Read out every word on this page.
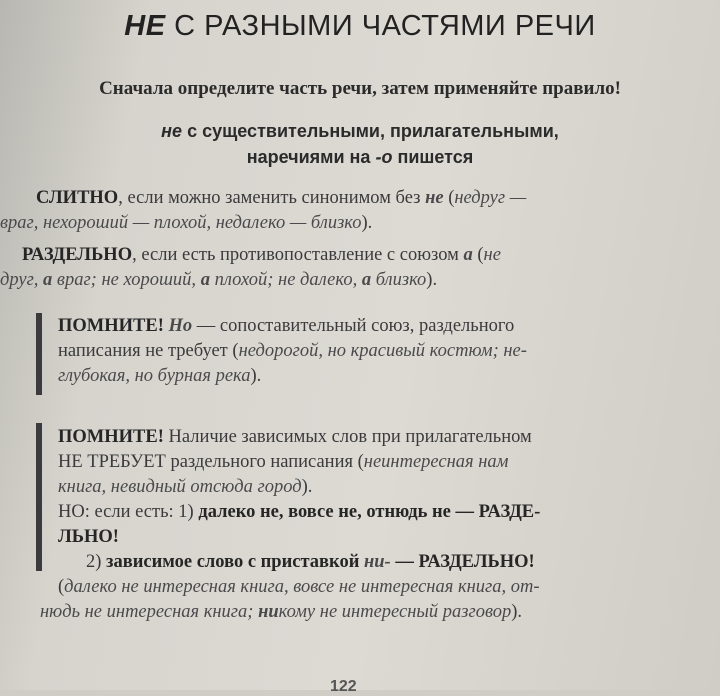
НЕ С РАЗНЫМИ ЧАСТЯМИ РЕЧИ
Сначала определите часть речи, затем применяйте правило!
не с существительными, прилагательными,
наречиями на -о пишется
СЛИТНО, если можно заменить синонимом без не (недруг —
враг, нехороший — плохой, недалеко — близко).
РАЗДЕЛЬНО, если есть противопоставление с союзом а (не
друг, а враг; не хороший, а плохой; не далеко, а близко).
ПОМНИТЕ! Но — сопоставительный союз, раздельного
написания не требует (недорогой, но красивый костюм; не-
глубокая, но бурная река).
ПОМНИТЕ! Наличие зависимых слов при прилагательном
НЕ ТРЕБУЕТ раздельного написания (неинтересная нам
книга, невидный отсюда город).
НО: если есть: 1) далеко не, вовсе не, отнюдь не — РАЗДЕ-
ЛЬНО!
2) зависимое слово с приставкой ни- — РАЗДЕЛЬНО!
(далеко не интересная книга, вовсе не интересная книга, от-
нюдь не интересная книга; никому не интересный разговор).
122
